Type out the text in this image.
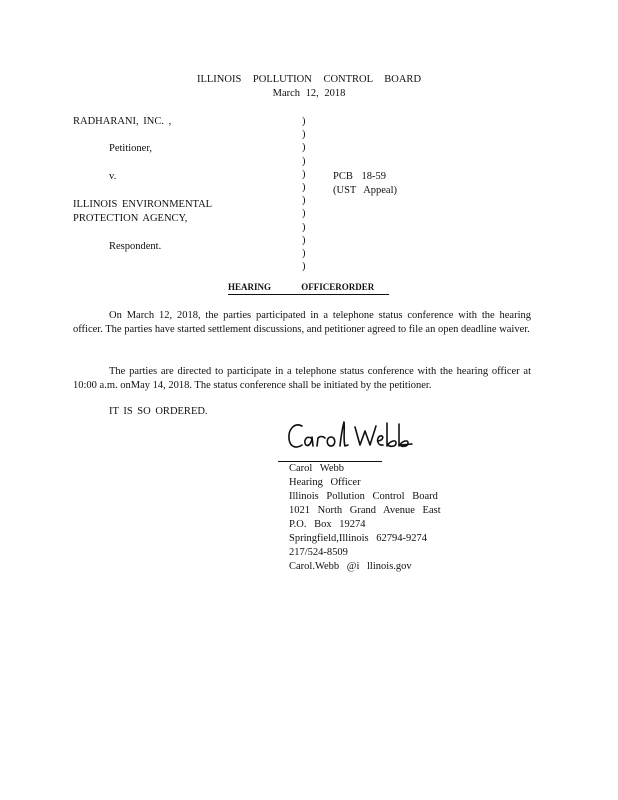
ILLINOIS POLLUTION CONTROL BOARD
March 12, 2018
RADHARANI, INC. ,
Petitioner,
v.
ILLINOIS ENVIRONMENTAL
PROTECTION AGENCY,
Respondent.
)
)
)
)
)
)
)
)
)
)
)
)
PCB 18-59
(UST Appeal)
HEARING OFFICERORDER
On March 12, 2018, the parties participated in a telephone status conference with the hearing officer. The parties have started settlement discussions, and petitioner agreed to file an open deadline waiver.
The parties are directed to participate in a telephone status conference with the hearing officer at 10:00 a.m. onMay 14, 2018. The status conference shall be initiated by the petitioner.
IT IS SO ORDERED.
Carol Webb
Hearing Officer
Illinois Pollution Control Board
1021 North Grand Avenue East
P.O. Box 19274
Springfield,Illinois 62794-9274
217/524-8509
Carol.Webb @i llinois.gov
